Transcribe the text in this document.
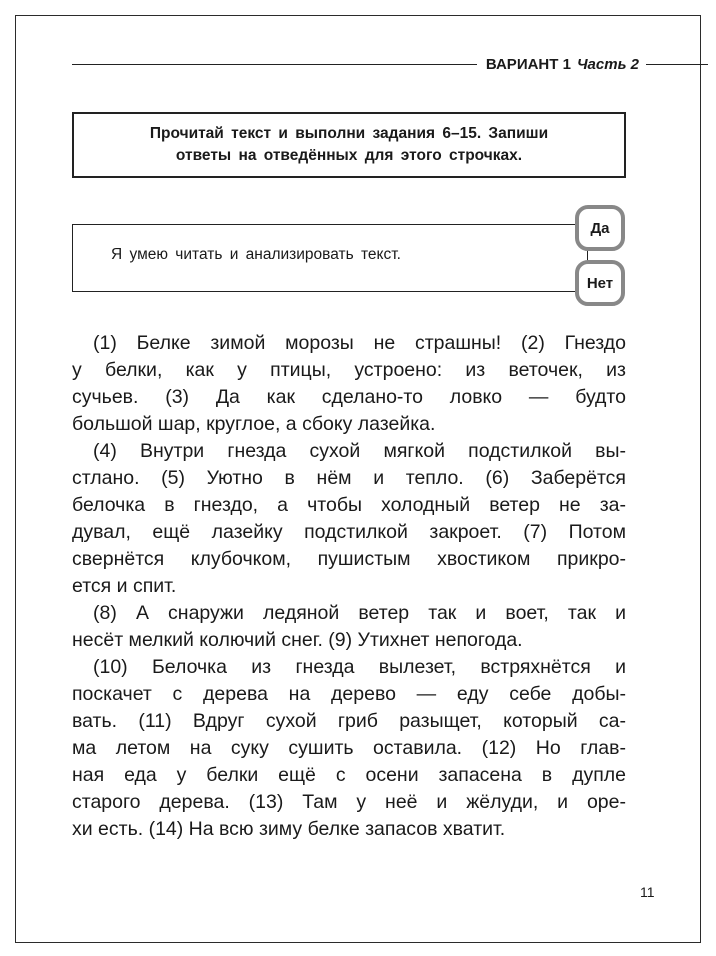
ВАРИАНТ 1 Часть 2
Прочитай текст и выполни задания 6–15. Запиши
ответы на отведённых для этого строчках.
Я умею читать и анализировать текст.
Да
Нет
(1) Белке зимой морозы не страшны! (2) Гнездо
у белки, как у птицы, устроено: из веточек, из
сучьев. (3) Да как сделано-то ловко — будто
большой шар, круглое, а сбоку лазейка.
(4) Внутри гнезда сухой мягкой подстилкой вы-
стлано. (5) Уютно в нём и тепло. (6) Заберётся
белочка в гнездо, а чтобы холодный ветер не за-
дувал, ещё лазейку подстилкой закроет. (7) Потом
свернётся клубочком, пушистым хвостиком прикро-
ется и спит.
(8) А снаружи ледяной ветер так и воет, так и
несёт мелкий колючий снег. (9) Утихнет непогода.
(10) Белочка из гнезда вылезет, встряхнётся и
поскачет с дерева на дерево — еду себе добы-
вать. (11) Вдруг сухой гриб разыщет, который са-
ма летом на суку сушить оставила. (12) Но глав-
ная еда у белки ещё с осени запасена в дупле
старого дерева. (13) Там у неё и жёлуди, и оре-
хи есть. (14) На всю зиму белке запасов хватит.
11
